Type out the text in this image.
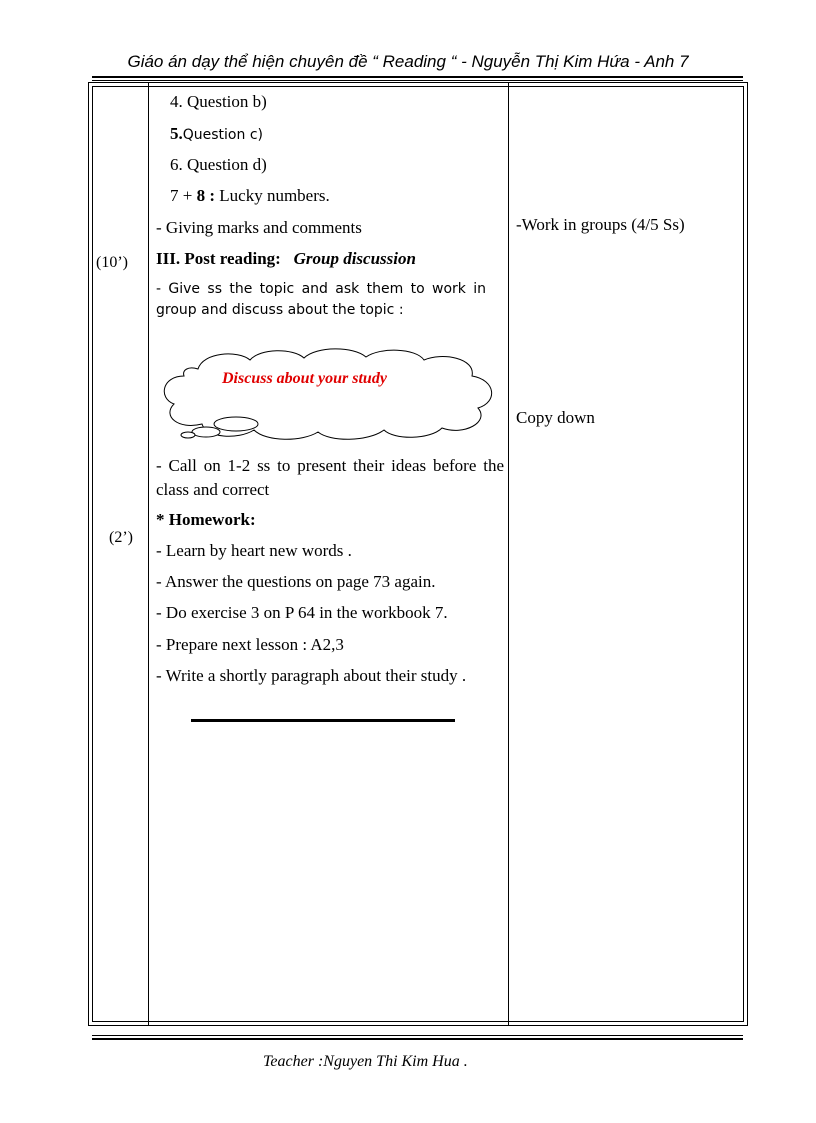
Giáo án dạy thể hiện chuyên đề “ Reading “ - Nguyễn Thị Kim Hứa - Anh 7
(10’)
(2’)
4. Question b)
5.Question c)
6. Question d)
7 + 8 : Lucky numbers.
- Giving marks and comments
III. Post reading: Group discussion
- Give ss the topic and ask them to work in group and discuss about the topic :
Discuss about your study
- Call on 1-2 ss to present their ideas before the class and correct
* Homework:
- Learn by heart new words .
- Answer the questions on page 73 again.
- Do exercise 3 on P 64 in the workbook 7.
- Prepare next lesson : A2,3
- Write a shortly paragraph about their study .
-Work in groups (4/5 Ss)
Copy down
Teacher :Nguyen Thi Kim Hua .
